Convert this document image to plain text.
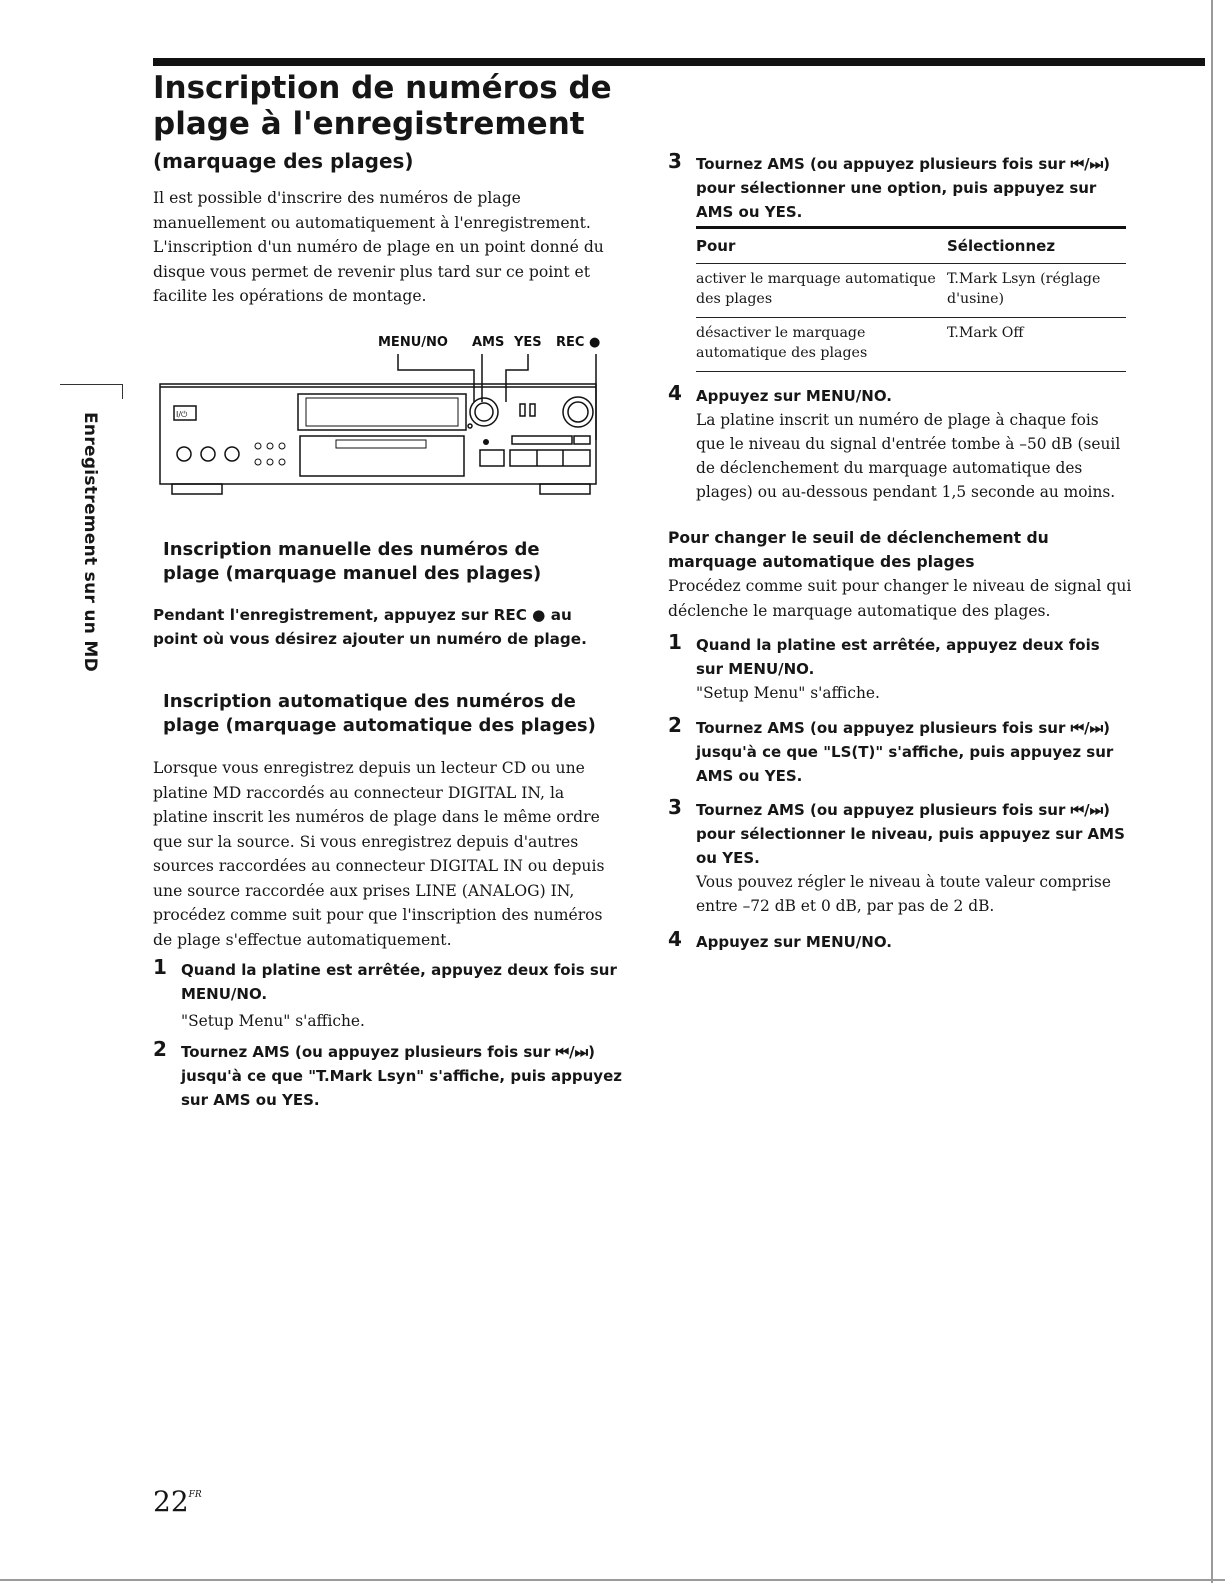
Inscription de numéros de plage à l'enregistrement
(marquage des plages)

Il est possible d'inscrire des numéros de plage manuellement ou automatiquement à l'enregistrement. L'inscription d'un numéro de plage en un point donné du disque vous permet de revenir plus tard sur ce point et facilite les opérations de montage.

Enregistrement sur un MD
MENU/NO AMS YES REC ●
I/⏻
Inscription manuelle des numéros de plage (marquage manuel des plages)

Pendant l'enregistrement, appuyez sur REC ● au point où vous désirez ajouter un numéro de plage.

Inscription automatique des numéros de plage (marquage automatique des plages)

Lorsque vous enregistrez depuis un lecteur CD ou une platine MD raccordés au connecteur DIGITAL IN, la platine inscrit les numéros de plage dans le même ordre que sur la source. Si vous enregistrez depuis d'autres sources raccordées au connecteur DIGITAL IN ou depuis une source raccordée aux prises LINE (ANALOG) IN, procédez comme suit pour que l'inscription des numéros de plage s'effectue automatiquement.

1 Quand la platine est arrêtée, appuyez deux fois sur MENU/NO.
"Setup Menu" s'affiche.
2 Tournez AMS (ou appuyez plusieurs fois sur ⏮/⏭) jusqu'à ce que "T.Mark Lsyn" s'affiche, puis appuyez sur AMS ou YES.
3 Tournez AMS (ou appuyez plusieurs fois sur ⏮/⏭) pour sélectionner une option, puis appuyez sur AMS ou YES.
Pour	Sélectionnez
activer le marquage automatique des plages
T.Mark Lsyn (réglage d'usine)
désactiver le marquage automatique des plages
T.Mark Off
4 Appuyez sur MENU/NO.
La platine inscrit un numéro de plage à chaque fois que le niveau du signal d'entrée tombe à –50 dB (seuil de déclenchement du marquage automatique des plages) ou au-dessous pendant 1,5 seconde au moins.
Pour changer le seuil de déclenchement du marquage automatique des plages

Procédez comme suit pour changer le niveau de signal qui déclenche le marquage automatique des plages.

1 Quand la platine est arrêtée, appuyez deux fois sur MENU/NO.
"Setup Menu" s'affiche.
2 Tournez AMS (ou appuyez plusieurs fois sur ⏮/⏭) jusqu'à ce que "LS(T)" s'affiche, puis appuyez sur AMS ou YES.
3 Tournez AMS (ou appuyez plusieurs fois sur ⏮/⏭) pour sélectionner le niveau, puis appuyez sur AMS ou YES.
Vous pouvez régler le niveau à toute valeur comprise entre –72 dB et 0 dB, par pas de 2 dB.
4 Appuyez sur MENU/NO.
$22^{FR}$
